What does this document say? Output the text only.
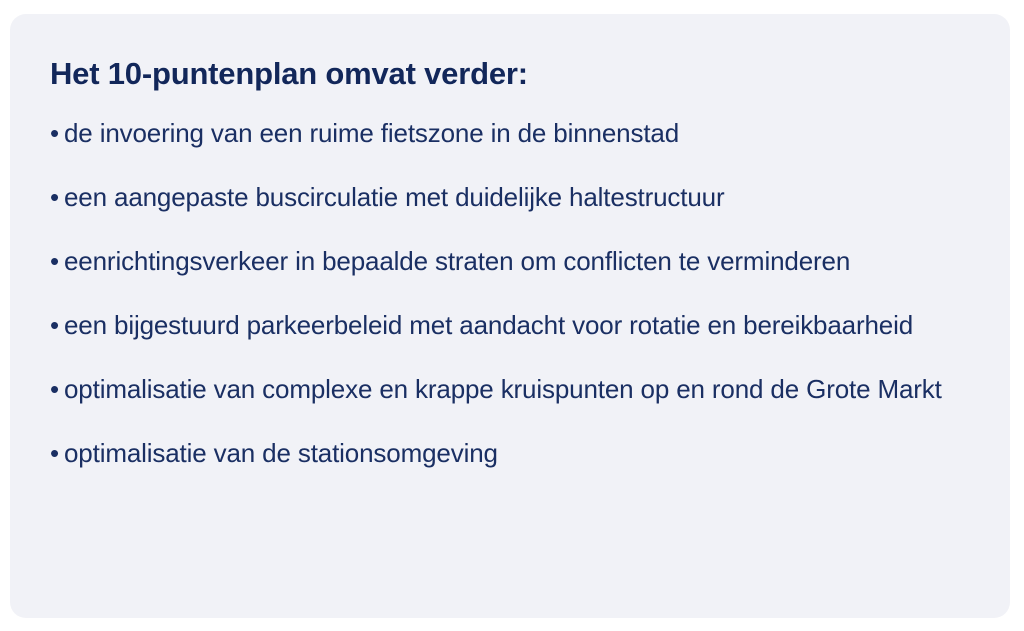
Het 10-puntenplan omvat verder:
• de invoering van een ruime fietszone in de binnenstad
• een aangepaste buscirculatie met duidelijke haltestructuur
• eenrichtingsverkeer in bepaalde straten om conflicten te verminderen
• een bijgestuurd parkeerbeleid met aandacht voor rotatie en bereikbaarheid
• optimalisatie van complexe en krappe kruispunten op en rond de Grote Markt
• optimalisatie van de stationsomgeving
